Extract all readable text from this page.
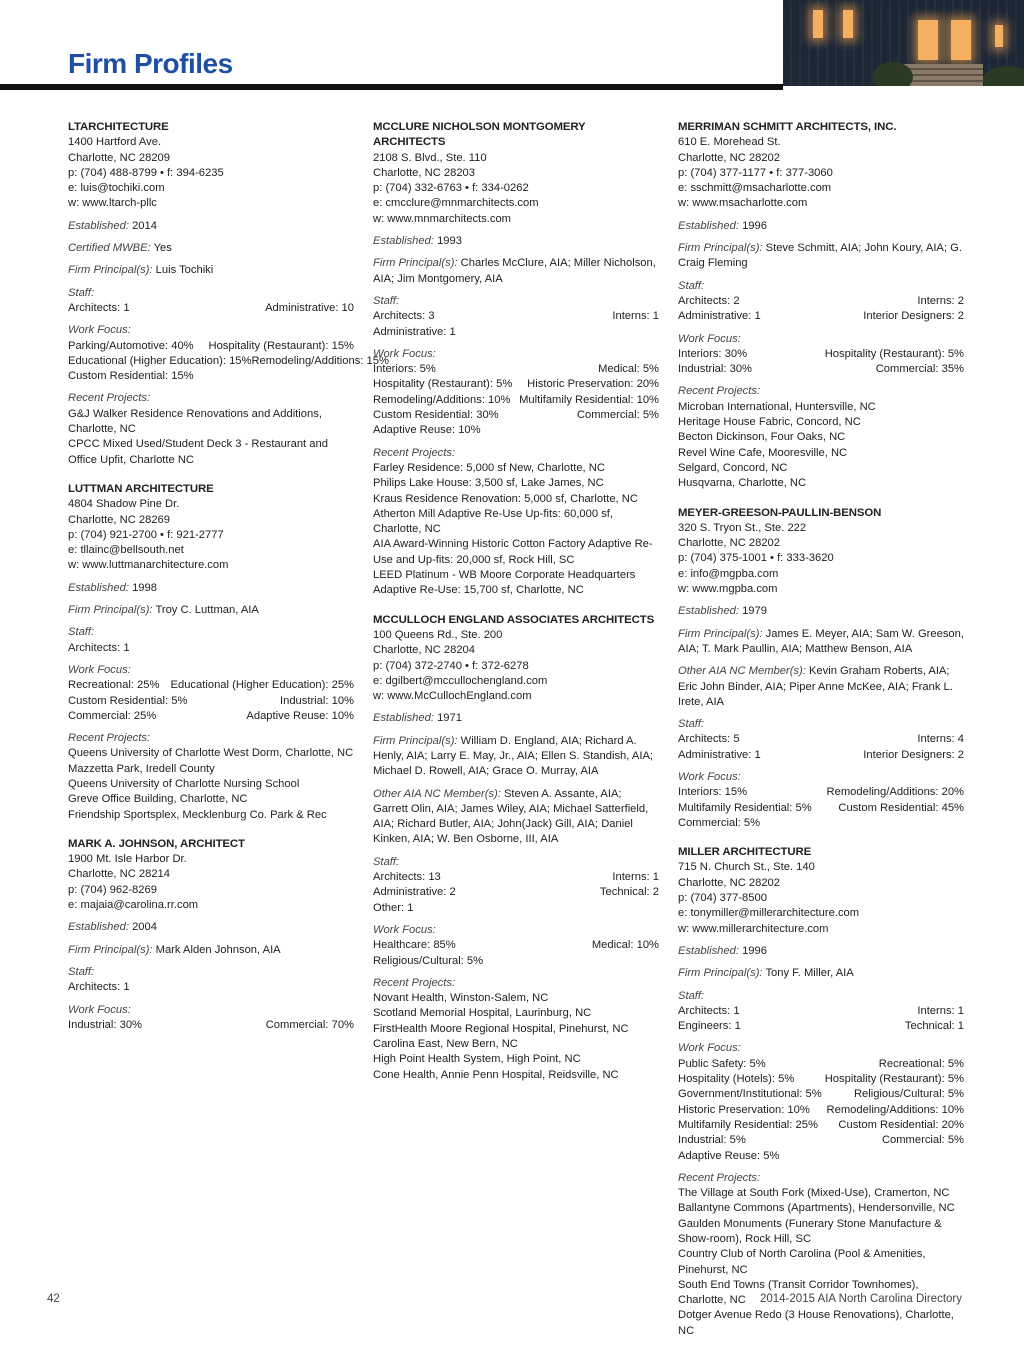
Firm Profiles
LTARCHITECTURE
1400 Hartford Ave.
Charlotte, NC 28209
p: (704) 488-8799 • f: 394-6235
e: luis@tochiki.com
w: www.ltarch-pllc
Established: 2014
Certified MWBE: Yes
Firm Principal(s): Luis Tochiki
Staff:
Architects: 1	Administrative: 10
Work Focus:
Parking/Automotive: 40% Hospitality (Restaurant): 15%
Educational (Higher Education): 15% Remodeling/Additions: 15%
Custom Residential: 15%
Recent Projects:
G&J Walker Residence Renovations and Additions, Charlotte, NC
CPCC Mixed Used/Student Deck 3 - Restaurant and Office Upfit, Charlotte NC
LUTTMAN ARCHITECTURE
4804 Shadow Pine Dr.
Charlotte, NC 28269
p: (704) 921-2700 • f: 921-2777
e: tllainc@bellsouth.net
w: www.luttmanarchitecture.com
Established: 1998
Firm Principal(s): Troy C. Luttman, AIA
Staff:
Architects: 1
Work Focus:
Recreational: 25% Educational (Higher Education): 25%
Custom Residential: 5%	Industrial: 10%
Commercial: 25%	Adaptive Reuse: 10%
Recent Projects:
Queens University of Charlotte West Dorm, Charlotte, NC
Mazzetta Park, Iredell County
Queens University of Charlotte Nursing School
Greve Office Building, Charlotte, NC
Friendship Sportsplex, Mecklenburg Co. Park & Rec
MARK A. JOHNSON, ARCHITECT
1900 Mt. Isle Harbor Dr.
Charlotte, NC 28214
p: (704) 962-8269
e: majaia@carolina.rr.com
Established: 2004
Firm Principal(s): Mark Alden Johnson, AIA
Staff:
Architects: 1
Work Focus:
Industrial: 30%	Commercial: 70%
MCCLURE NICHOLSON MONTGOMERY ARCHITECTS
2108 S. Blvd., Ste. 110
Charlotte, NC 28203
p: (704) 332-6763 • f: 334-0262
e: cmcclure@mnmarchitects.com
w: www.mnmarchitects.com
Established: 1993
Firm Principal(s): Charles McClure, AIA; Miller Nicholson, AIA; Jim Montgomery, AIA
Staff:
Architects: 3	Interns: 1
Administrative: 1
Work Focus:
Interiors: 5%	Medical: 5%
Hospitality (Restaurant): 5% Historic Preservation: 20%
Remodeling/Additions: 10% Multifamily Residential: 10%
Custom Residential: 30%	Commercial: 5%
Adaptive Reuse: 10%
Recent Projects:
Farley Residence: 5,000 sf New, Charlotte, NC
Philips Lake House: 3,500 sf, Lake James, NC
Kraus Residence Renovation: 5,000 sf, Charlotte, NC
Atherton Mill Adaptive Re-Use Up-fits: 60,000 sf, Charlotte, NC
AIA Award-Winning Historic Cotton Factory Adaptive Re-Use and Up-fits: 20,000 sf, Rock Hill, SC
LEED Platinum - WB Moore Corporate Headquarters Adaptive Re-Use: 15,700 sf, Charlotte, NC
MCCULLOCH ENGLAND ASSOCIATES ARCHITECTS
100 Queens Rd., Ste. 200
Charlotte, NC 28204
p: (704) 372-2740 • f: 372-6278
e: dgilbert@mccullochengland.com
w: www.McCullochEngland.com
Established: 1971
Firm Principal(s): William D. England, AIA; Richard A. Henly, AIA; Larry E. May, Jr., AIA; Ellen S. Standish, AIA; Michael D. Rowell, AIA; Grace O. Murray, AIA
Other AIA NC Member(s): Steven A. Assante, AIA; Garrett Olin, AIA; James Wiley, AIA; Michael Satterfield, AIA; Richard Butler, AIA; John(Jack) Gill, AIA; Daniel Kinken, AIA; W. Ben Osborne, III, AIA
Staff:
Architects: 13	Interns: 1
Administrative: 2	Technical: 2
Other: 1
Work Focus:
Healthcare: 85%	Medical: 10%
Religious/Cultural: 5%
Recent Projects:
Novant Health, Winston-Salem, NC
Scotland Memorial Hospital, Laurinburg, NC
FirstHealth Moore Regional Hospital, Pinehurst, NC
Carolina East, New Bern, NC
High Point Health System, High Point, NC
Cone Health, Annie Penn Hospital, Reidsville, NC
MERRIMAN SCHMITT ARCHITECTS, INC.
610 E. Morehead St.
Charlotte, NC 28202
p: (704) 377-1177 • f: 377-3060
e: sschmitt@msacharlotte.com
w: www.msacharlotte.com
Established: 1996
Firm Principal(s): Steve Schmitt, AIA; John Koury, AIA; G. Craig Fleming
Staff:
Architects: 2	Interns: 2
Administrative: 1	Interior Designers: 2
Work Focus:
Interiors: 30%	Hospitality (Restaurant): 5%
Industrial: 30%	Commercial: 35%
Recent Projects:
Microban International, Huntersville, NC
Heritage House Fabric, Concord, NC
Becton Dickinson, Four Oaks, NC
Revel Wine Cafe, Mooresville, NC
Selgard, Concord, NC
Husqvarna, Charlotte, NC
MEYER-GREESON-PAULLIN-BENSON
320 S. Tryon St., Ste. 222
Charlotte, NC 28202
p: (704) 375-1001 • f: 333-3620
e: info@mgpba.com
w: www.mgpba.com
Established: 1979
Firm Principal(s): James E. Meyer, AIA; Sam W. Greeson, AIA; T. Mark Paullin, AIA; Matthew Benson, AIA
Other AIA NC Member(s): Kevin Graham Roberts, AIA; Eric John Binder, AIA; Piper Anne McKee, AIA; Frank L. Irete, AIA
Staff:
Architects: 5	Interns: 4
Administrative: 1	Interior Designers: 2
Work Focus:
Interiors: 15%	Remodeling/Additions: 20%
Multifamily Residential: 5% Custom Residential: 45%
Commercial: 5%
MILLER ARCHITECTURE
715 N. Church St., Ste. 140
Charlotte, NC 28202
p: (704) 377-8500
e: tonymiller@millerarchitecture.com
w: www.millerarchitecture.com
Established: 1996
Firm Principal(s): Tony F. Miller, AIA
Staff:
Architects: 1	Interns: 1
Engineers: 1	Technical: 1
Work Focus:
Public Safety: 5%	Recreational: 5%
Hospitality (Hotels): 5%	Hospitality (Restaurant): 5%
Government/Institutional: 5%	Religious/Cultural: 5%
Historic Preservation: 10% Remodeling/Additions: 10%
Multifamily Residential: 25% Custom Residential: 20%
Industrial: 5%	Commercial: 5%
Adaptive Reuse: 5%
Recent Projects:
The Village at South Fork (Mixed-Use), Cramerton, NC
Ballantyne Commons (Apartments), Hendersonville, NC
Gaulden Monuments (Funerary Stone Manufacture & Show-room), Rock Hill, SC
Country Club of North Carolina (Pool & Amenities, Pinehurst, NC
South End Towns (Transit Corridor Townhomes), Charlotte, NC
Dotger Avenue Redo (3 House Renovations), Charlotte, NC
42	2014-2015 AIA North Carolina Directory
